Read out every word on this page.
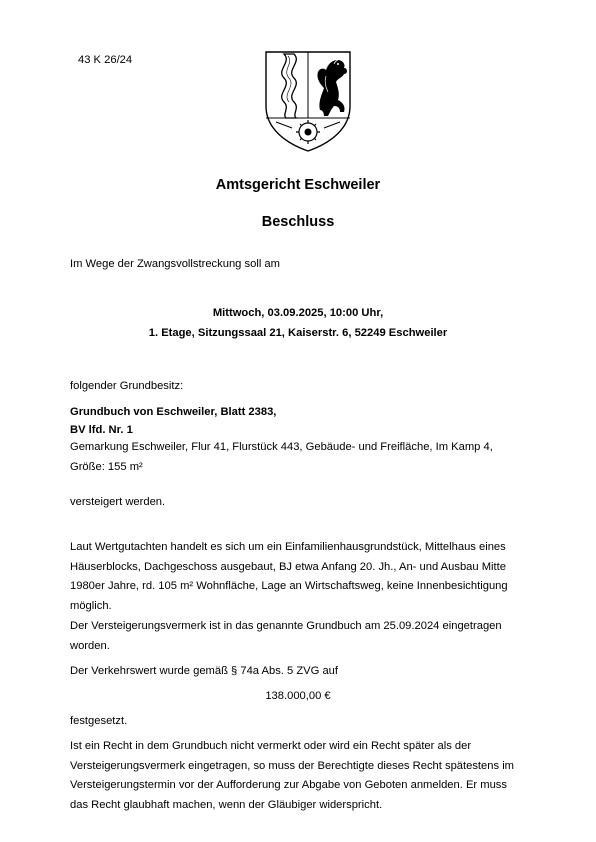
43 K 26/24
Amtsgericht Eschweiler
Beschluss
Im Wege der Zwangsvollstreckung soll am
Mittwoch, 03.09.2025, 10:00 Uhr,
1. Etage, Sitzungssaal 21, Kaiserstr. 6, 52249 Eschweiler
folgender Grundbesitz:
Grundbuch von Eschweiler, Blatt 2383,
BV lfd. Nr. 1
Gemarkung Eschweiler, Flur 41, Flurstück 443, Gebäude- und Freifläche, Im Kamp 4, Größe: 155 m²
versteigert werden.
Laut Wertgutachten handelt es sich um ein Einfamilienhausgrundstück, Mittelhaus eines Häuserblocks, Dachgeschoss ausgebaut, BJ etwa Anfang 20. Jh., An- und Ausbau Mitte 1980er Jahre, rd. 105 m² Wohnfläche, Lage an Wirtschaftsweg, keine Innenbesichtigung möglich.
Der Versteigerungsvermerk ist in das genannte Grundbuch am 25.09.2024 eingetragen worden.
Der Verkehrswert wurde gemäß § 74a Abs. 5 ZVG auf
138.000,00 €
festgesetzt.
Ist ein Recht in dem Grundbuch nicht vermerkt oder wird ein Recht später als der Versteigerungsvermerk eingetragen, so muss der Berechtigte dieses Recht spätestens im Versteigerungstermin vor der Aufforderung zur Abgabe von Geboten anmelden. Er muss das Recht glaubhaft machen, wenn der Gläubiger widerspricht.
